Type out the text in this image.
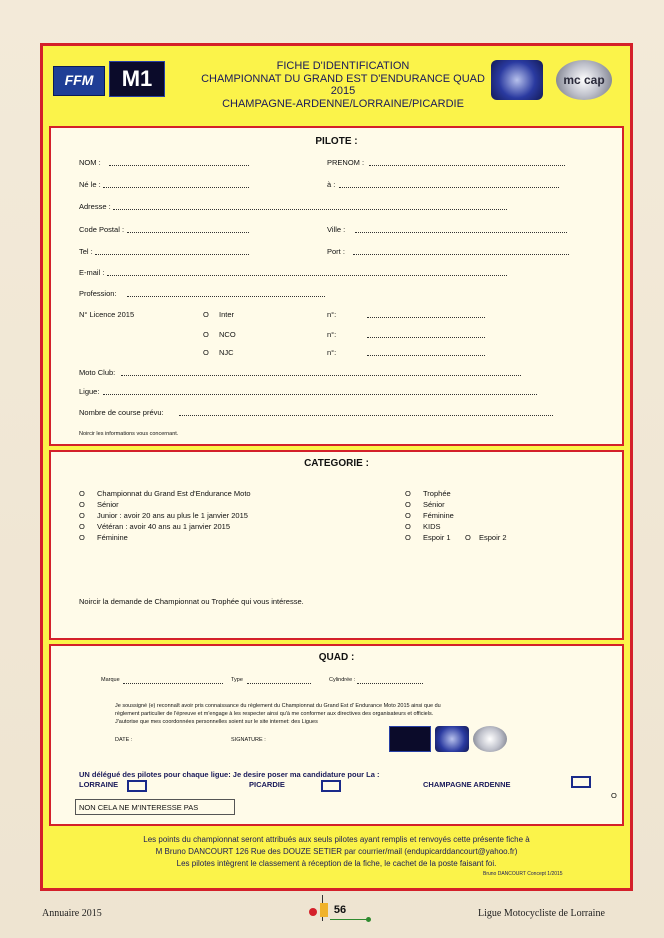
FFM	M1	FICHE D'IDENTIFICATION
CHAMPIONNAT DU GRAND EST D'ENDURANCE QUAD
2015
CHAMPAGNE-ARDENNE/LORRAINE/PICARDIE
mc cap
PILOTE :
NOM :	PRENOM :
Né le :	à :
Adresse :
Code Postal :	Ville :
Tel :	Port :
E-mail :
Profession:
N° Licence 2015	O Inter	n°:
O NCO	n°:
O NJC	n°:
Moto Club:
Ligue:
Nombre de course prévu:
Noircir les informations vous concernant.
CATEGORIE :
O Championnat du Grand Est d'Endurance Moto
O Sénior
O Junior : avoir 20 ans au plus le 1 janvier 2015
O Vétéran : avoir 40 ans au 1 janvier 2015
O Féminine
O Trophée
O Sénior
O Féminine
O KIDS
O Espoir 1 O Espoir 2
Noircir la demande de Championnat ou Trophée qui vous intéresse.
QUAD :
Marque	Type	Cylindrée :
Je soussigné (e) reconnaît avoir pris connaissance du règlement du Championnat du Grand Est d' Endurance Moto 2015 ainsi que du
règlement particulier de l'épreuve et m'engage à les respecter ainsi qu'à me conformer aux directives des organisateurs et officiels.
J'autorise que mes coordonnées personnelles soient sur le site internet: des Ligues
DATE :	SIGNATURE :
UN délégué des pilotes pour chaque ligue: Je desire poser ma candidature pour La :
LORRAINE	PICARDIE	CHAMPAGNE ARDENNE
O
NON CELA NE M'INTERESSE PAS
Les points du championnat seront attribués aux seuls pilotes ayant remplis et renvoyés cette présente fiche à
M Bruno DANCOURT 126 Rue des DOUZE SETIER par courrier/mail (endupicarddancourt@yahoo.fr)
Les pilotes intègrent le classement à réception de la fiche, le cachet de la poste faisant foi.
Bruno DANCOURT Concept 1/2015
Annuaire 2015	56	Ligue Motocycliste de Lorraine
